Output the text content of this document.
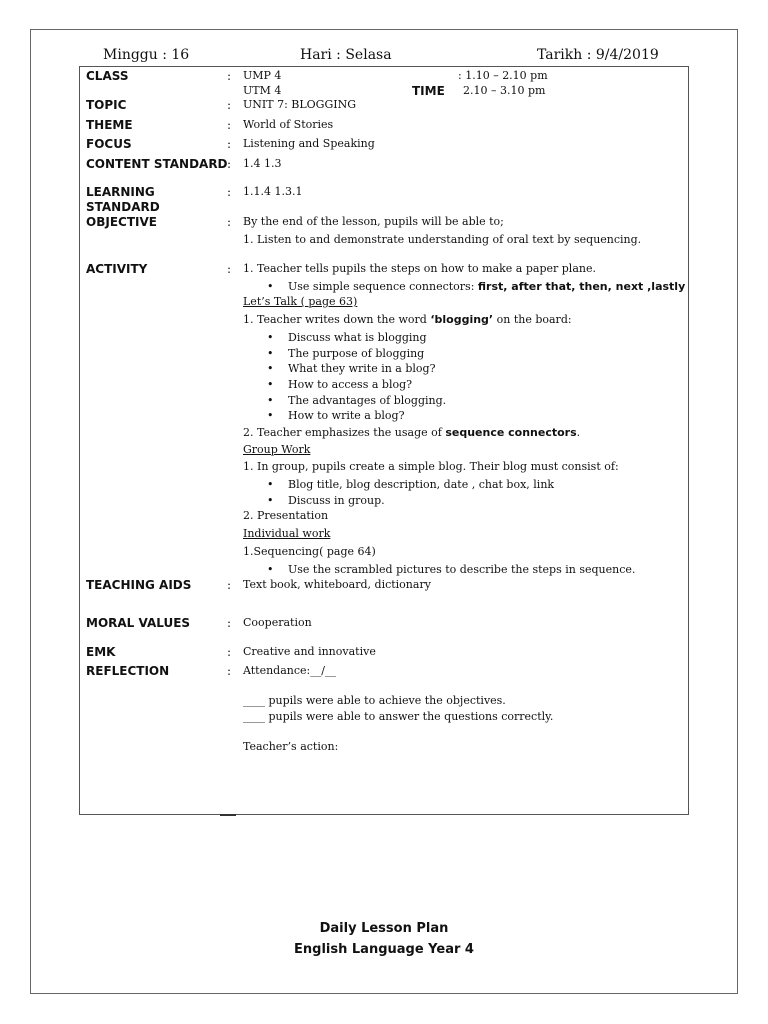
Minggu : 16	Hari : Selasa	Tarikh : 9/4/2019
CLASS
TOPIC
THEME
FOCUS
CONTENT STANDARD
LEARNING
STANDARD
OBJECTIVE
ACTIVITY
TEACHING AIDS
MORAL VALUES
EMK
REFLECTION
:
:
:
:
:
:
:
:
:
:
:
:
UMP 4
UTM 4
: 1.10 – 2.10 pm
TIME 2.10 – 3.10 pm
UNIT 7: BLOGGING
World of Stories
Listening and Speaking
1.4 1.3
1.1.4 1.3.1
By the end of the lesson, pupils will be able to;
1. Listen to and demonstrate understanding of oral text by sequencing.
1. Teacher tells pupils the steps on how to make a paper plane.
• Use simple sequence connectors: first, after that, then, next ,lastly
Let’s Talk ( page 63)
1. Teacher writes down the word ‘blogging’ on the board:
• Discuss what is blogging
• The purpose of blogging
• What they write in a blog?
• How to access a blog?
• The advantages of blogging.
• How to write a blog?
2. Teacher emphasizes the usage of sequence connectors.
Group Work
1. In group, pupils create a simple blog. Their blog must consist of:
• Blog title, blog description, date , chat box, link
• Discuss in group.
2. Presentation
Individual work
1.Sequencing( page 64)
• Use the scrambled pictures to describe the steps in sequence.
Text book, whiteboard, dictionary
Cooperation
Creative and innovative
Attendance:__/__
____ pupils were able to achieve the objectives.
____ pupils were able to answer the questions correctly.
Teacher’s action:
Daily Lesson Plan
English Language Year 4
